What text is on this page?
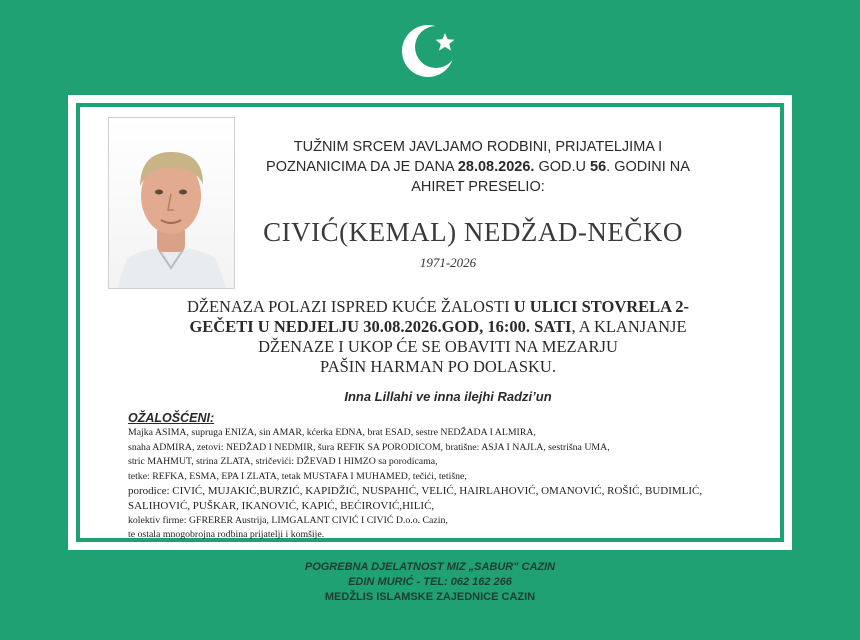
TUŽNIM SRCEM JAVLJAMO RODBINI, PRIJATELJIMA I
POZNANICIMA DA JE DANA 28.08.2026. GOD.U 56. GODINI NA
AHIRET PRESELIO:
CIVIĆ(KEMAL) NEDŽAD-NEČKO
1971-2026
DŽENAZA POLAZI ISPRED KUĆE ŽALOSTI U ULICI STOVRELA 2-
GEČETI U NEDJELJU 30.08.2026.GOD, 16:00. SATI, A KLANJANJE
DŽENAZE I UKOP ĆE SE OBAVITI NA MEZARJU
PAŠIN HARMAN PO DOLASKU.
Inna Lillahi ve inna ilejhi Radzi’un
OŽALOŠĆENI:
Majka ASIMA, supruga ENIZA, sin AMAR, kćerka EDNA, brat ESAD, sestre NEDŽADA I ALMIRA,
snaha ADMIRA, zetovi: NEDŽAD I NEDMIR, šura REFIK SA PORODICOM, bratišne: ASJA I NAJLA, sestrišna UMA,
stric MAHMUT, strina ZLATA, stričevići: DŽEVAD I HIMZO sa porodicama,
tetke: REFKA, ESMA, EPA I ZLATA, tetak MUSTAFA I MUHAMED, tečići, tetišne,
porodice: CIVIĆ, MUJAKIĆ,BURZIĆ, KAPIDŽIĆ, NUSPAHIĆ, VELIĆ, HAIRLAHOVIĆ, OMANOVIĆ, ROŠIĆ, BUDIMLIĆ,
SALIHOVIĆ, PUŠKAR, IKANOVIĆ, KAPIĆ, BEĆIROVIĆ,HILIĆ,
kolektiv firme: GFRERER Austrija, LIMGALANT CIVIĆ I CIVIĆ D.o.o. Cazin,
te ostala mnogobrojna rodbina prijatelji i komšije.
POGREBNA DJELATNOST MIZ „SABUR" CAZIN
EDIN MURIĆ - TEL: 062 162 266
MEDŽLIS ISLAMSKE ZAJEDNICE CAZIN
